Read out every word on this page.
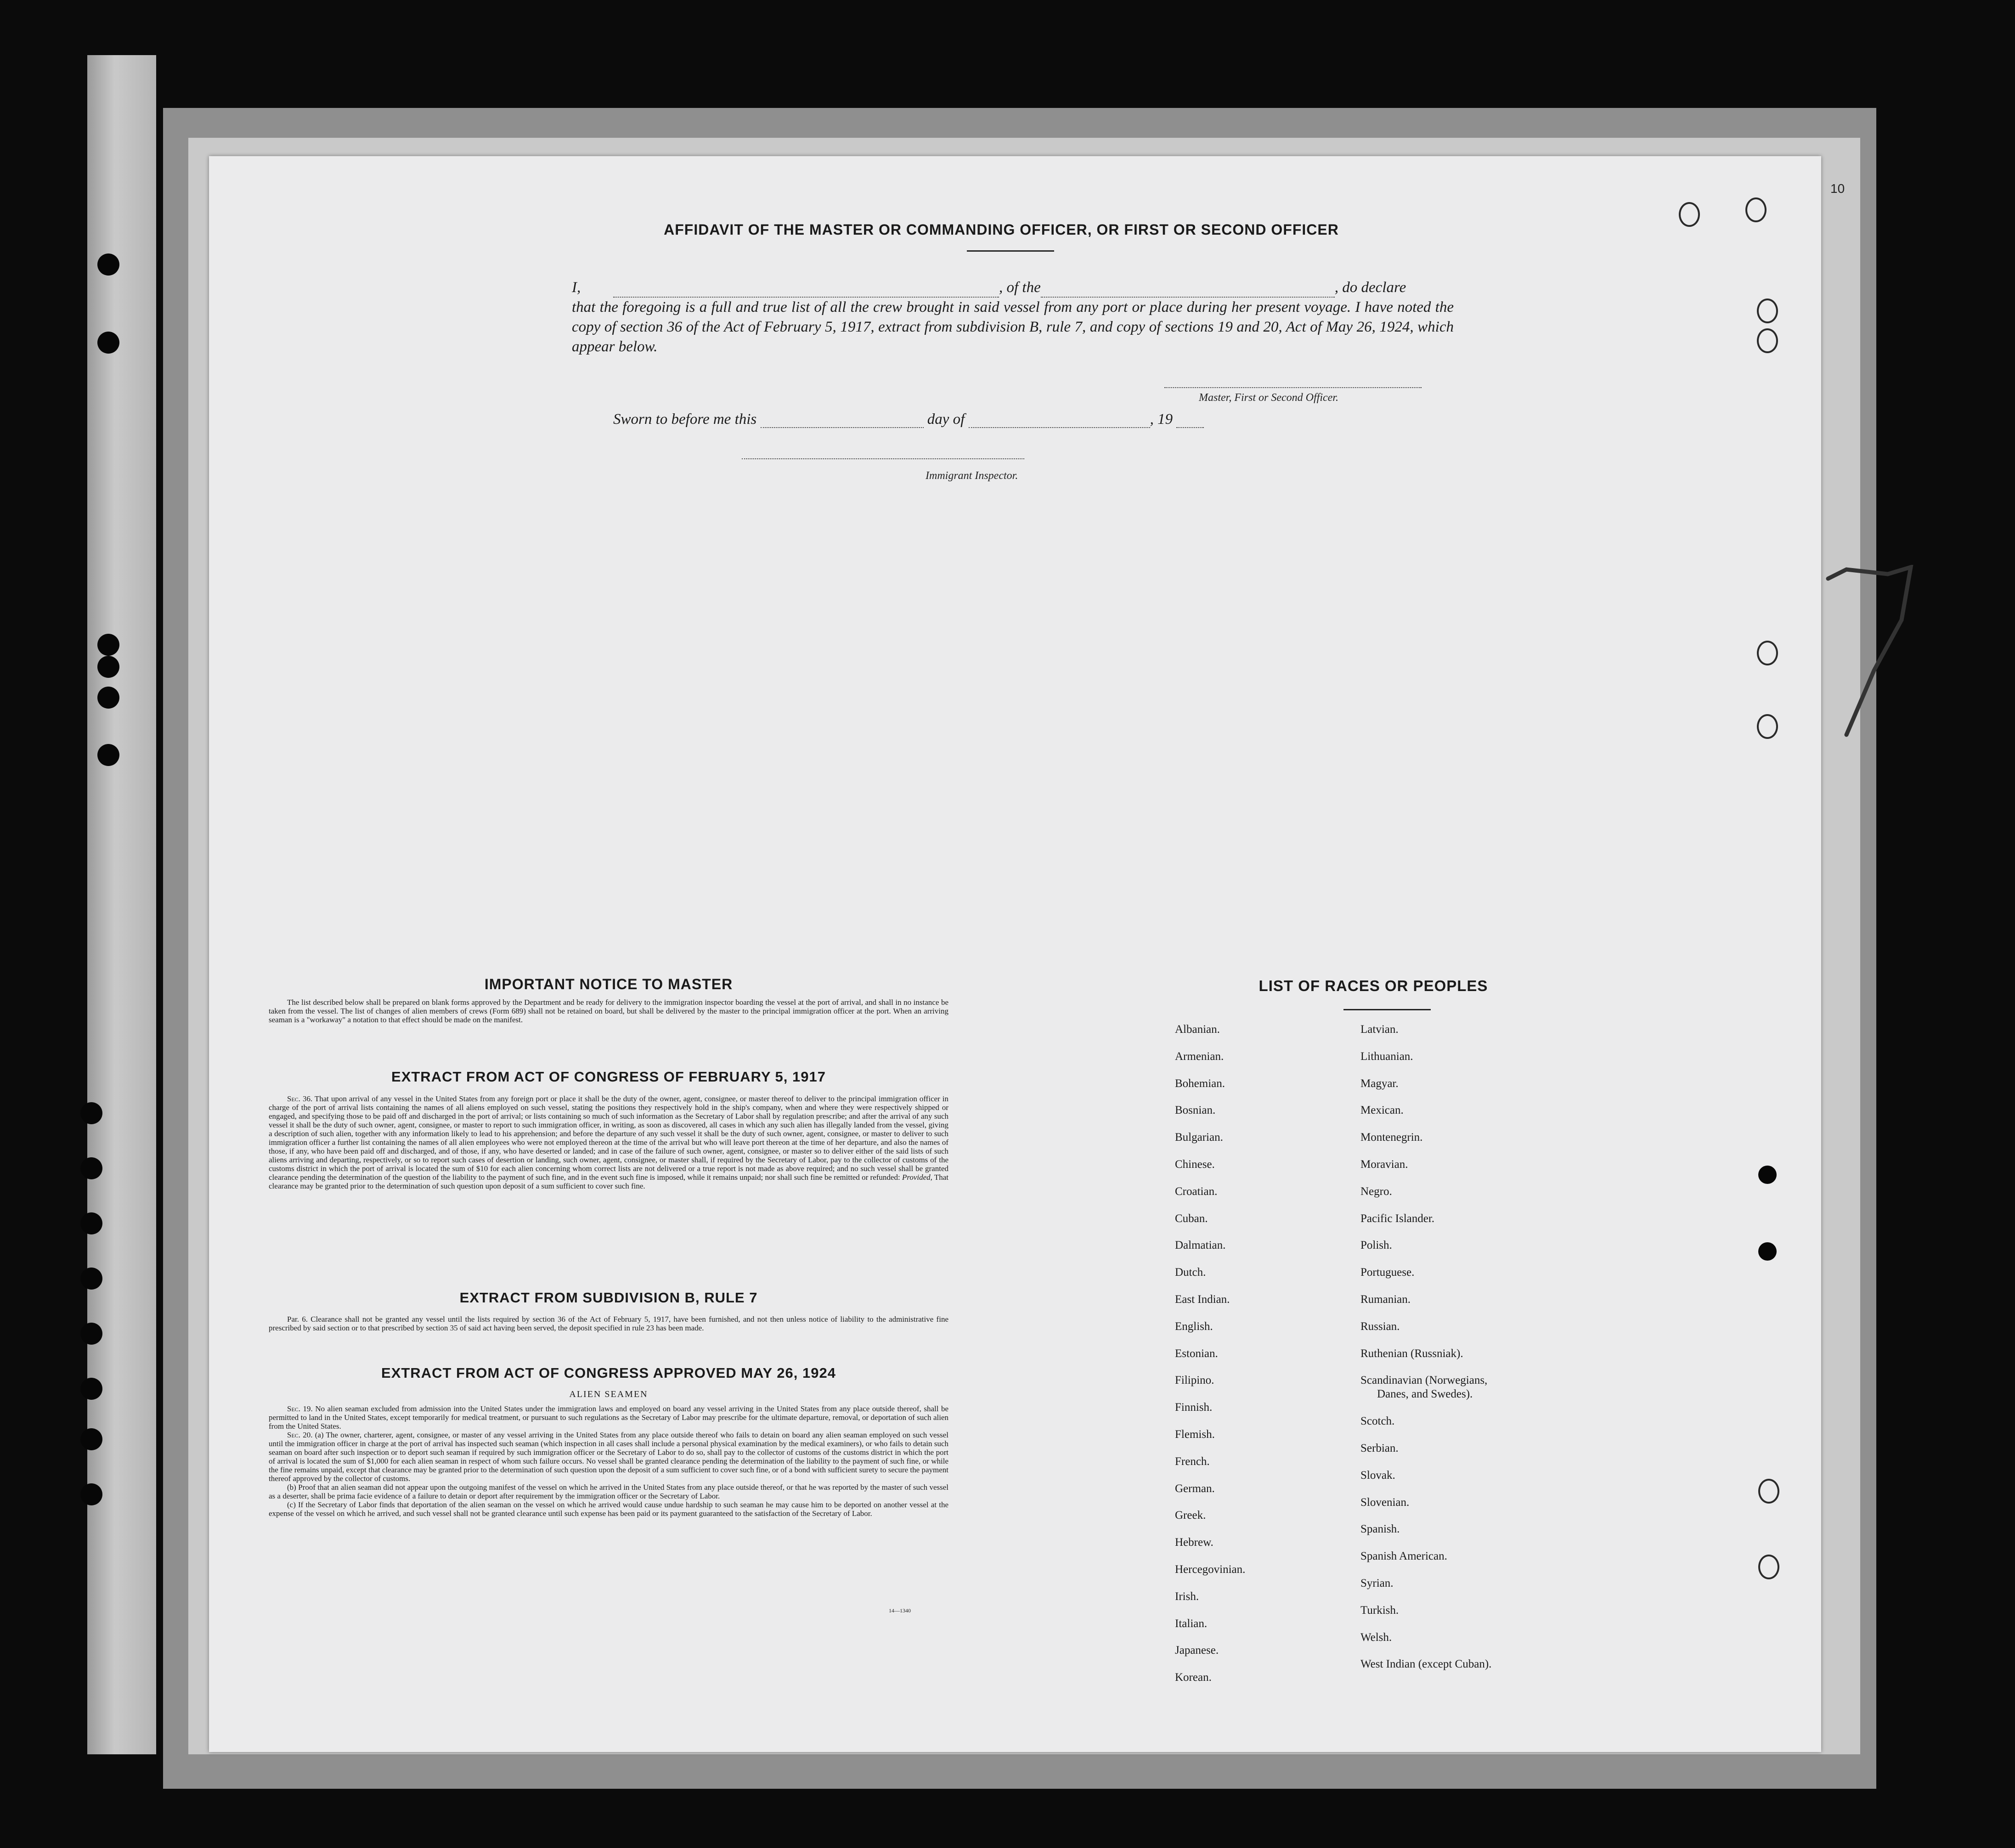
10
AFFIDAVIT OF THE MASTER OR COMMANDING OFFICER, OR FIRST OR SECOND OFFICER
I,	, of the	, do declare
that the foregoing is a full and true list of all the crew brought in said vessel from any port or place during her present voyage. I have noted the copy of section 36 of the Act of February 5, 1917, extract from subdivision B, rule 7, and copy of sections 19 and 20, Act of May 26, 1924, which appear below.
Master, First or Second Officer.
Sworn to before me this	day of	, 19
Immigrant Inspector.
IMPORTANT NOTICE TO MASTER
The list described below shall be prepared on blank forms approved by the Department and be ready for delivery to the immigration inspector boarding the vessel at the port of arrival, and shall in no instance be taken from the vessel. The list of changes of alien members of crews (Form 689) shall not be retained on board, but shall be delivered by the master to the principal immigration officer at the port. When an arriving seaman is a "workaway" a notation to that effect should be made on the manifest.
EXTRACT FROM ACT OF CONGRESS OF FEBRUARY 5, 1917
Sec. 36. That upon arrival of any vessel in the United States from any foreign port or place it shall be the duty of the owner, agent, consignee, or master thereof to deliver to the principal immigration officer in charge of the port of arrival lists containing the names of all aliens employed on such vessel, stating the positions they respectively hold in the ship's company, when and where they were respectively shipped or engaged, and specifying those to be paid off and discharged in the port of arrival; or lists containing so much of such information as the Secretary of Labor shall by regulation prescribe; and after the arrival of any such vessel it shall be the duty of such owner, agent, consignee, or master to report to such immigration officer, in writing, as soon as discovered, all cases in which any such alien has illegally landed from the vessel, giving a description of such alien, together with any information likely to lead to his apprehension; and before the departure of any such vessel it shall be the duty of such owner, agent, consignee, or master to deliver to such immigration officer a further list containing the names of all alien employees who were not employed thereon at the time of the arrival but who will leave port thereon at the time of her departure, and also the names of those, if any, who have been paid off and discharged, and of those, if any, who have deserted or landed; and in case of the failure of such owner, agent, consignee, or master so to deliver either of the said lists of such aliens arriving and departing, respectively, or so to report such cases of desertion or landing, such owner, agent, consignee, or master shall, if required by the Secretary of Labor, pay to the collector of customs of the customs district in which the port of arrival is located the sum of $10 for each alien concerning whom correct lists are not delivered or a true report is not made as above required; and no such vessel shall be granted clearance pending the determination of the question of the liability to the payment of such fine, and in the event such fine is imposed, while it remains unpaid; nor shall such fine be remitted or refunded: Provided, That clearance may be granted prior to the determination of such question upon deposit of a sum sufficient to cover such fine.
EXTRACT FROM SUBDIVISION B, RULE 7
Par. 6. Clearance shall not be granted any vessel until the lists required by section 36 of the Act of February 5, 1917, have been furnished, and not then unless notice of liability to the administrative fine prescribed by said section or to that prescribed by section 35 of said act having been served, the deposit specified in rule 23 has been made.
EXTRACT FROM ACT OF CONGRESS APPROVED MAY 26, 1924
ALIEN SEAMEN
Sec. 19. No alien seaman excluded from admission into the United States under the immigration laws and employed on board any vessel arriving in the United States from any place outside thereof, shall be permitted to land in the United States, except temporarily for medical treatment, or pursuant to such regulations as the Secretary of Labor may prescribe for the ultimate departure, removal, or deportation of such alien from the United States.
Sec. 20. (a) The owner, charterer, agent, consignee, or master of any vessel arriving in the United States from any place outside thereof who fails to detain on board any alien seaman employed on such vessel until the immigration officer in charge at the port of arrival has inspected such seaman (which inspection in all cases shall include a personal physical examination by the medical examiners), or who fails to detain such seaman on board after such inspection or to deport such seaman if required by such immigration officer or the Secretary of Labor to do so, shall pay to the collector of customs of the customs district in which the port of arrival is located the sum of $1,000 for each alien seaman in respect of whom such failure occurs. No vessel shall be granted clearance pending the determination of the liability to the payment of such fine, or while the fine remains unpaid, except that clearance may be granted prior to the determination of such question upon the deposit of a sum sufficient to cover such fine, or of a bond with sufficient surety to secure the payment thereof approved by the collector of customs.
(b) Proof that an alien seaman did not appear upon the outgoing manifest of the vessel on which he arrived in the United States from any place outside thereof, or that he was reported by the master of such vessel as a deserter, shall be prima facie evidence of a failure to detain or deport after requirement by the immigration officer or the Secretary of Labor.
(c) If the Secretary of Labor finds that deportation of the alien seaman on the vessel on which he arrived would cause undue hardship to such seaman he may cause him to be deported on another vessel at the expense of the vessel on which he arrived, and such vessel shall not be granted clearance until such expense has been paid or its payment guaranteed to the satisfaction of the Secretary of Labor.
14—1340
LIST OF RACES OR PEOPLES
Albanian.
Armenian.
Bohemian.
Bosnian.
Bulgarian.
Chinese.
Croatian.
Cuban.
Dalmatian.
Dutch.
East Indian.
English.
Estonian.
Filipino.
Finnish.
Flemish.
French.
German.
Greek.
Hebrew.
Hercegovinian.
Irish.
Italian.
Japanese.
Korean.
Latvian.
Lithuanian.
Magyar.
Mexican.
Montenegrin.
Moravian.
Negro.
Pacific Islander.
Polish.
Portuguese.
Rumanian.
Russian.
Ruthenian (Russniak).
Scandinavian (Norwegians,
Danes, and Swedes).
Scotch.
Serbian.
Slovak.
Slovenian.
Spanish.
Spanish American.
Syrian.
Turkish.
Welsh.
West Indian (except Cuban).
